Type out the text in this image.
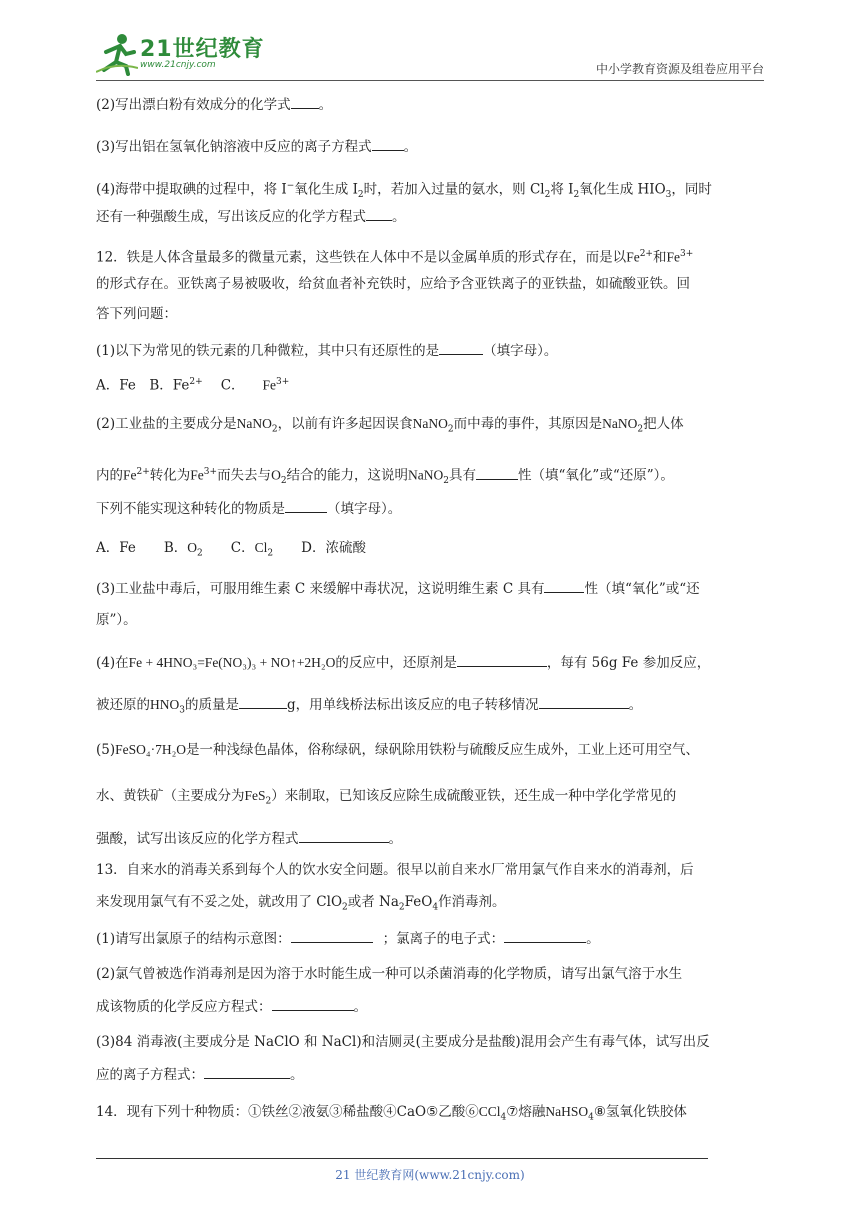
21世纪教育
www.21cnjy.com	中小学教育资源及组卷应用平台
(2)写出漂白粉有效成分的化学式 。
(3)写出铝在氢氧化钠溶液中反应的离子方程式 。
(4)海带中提取碘的过程中，将 I−氧化生成 $I_2$时，若加入过量的氨水，则 $Cl_2$将 $I_2$氧化生成 $HIO_3$，同时
还有一种强酸生成，写出该反应的化学方程式 。
12．铁是人体含量最多的微量元素，这些铁在人体中不是以金属单质的形式存在，而是以$Fe^{2+}$和$Fe^{3+}$
的形式存在。亚铁离子易被吸收，给贫血者补充铁时，应给予含亚铁离子的亚铁盐，如硫酸亚铁。回
答下列问题：
(1)以下为常见的铁元素的几种微粒，其中只有还原性的是	（填字母）。
A．Fe　B．$Fe^{2+}$ C． $Fe^{3+}$
(2)工业盐的主要成分是NaNO$_2$，以前有许多起因误食NaNO$_2$而中毒的事件，其原因是NaNO$_2$把人体
内的$Fe^{2+}$转化为$Fe^{3+}$而失去与$O_2$结合的能力，这说明NaNO$_2$具有	性（填“氧化”或“还原”）。
下列不能实现这种转化的物质是	（填字母）。
A．Fe B．$O_2$ C．$Cl_2$ D．浓硫酸
(3)工业盐中毒后，可服用维生素 C 来缓解中毒状况，这说明维生素 C 具有	性（填“氧化”或“还
原”）。
(4)在Fe + 4HNO₃=Fe(NO₃)₃ + NO↑+2H₂O的反应中，还原剂是	，每有 56g Fe 参加反应，
被还原的$HNO_3$的质量是	g，用单线桥法标出该反应的电子转移情况	。
(5)FeSO₄·7H₂O是一种浅绿色晶体，俗称绿矾，绿矾除用铁粉与硫酸反应生成外，工业上还可用空气、
水、黄铁矿（主要成分为FeS$_2$）来制取，已知该反应除生成硫酸亚铁，还生成一种中学化学常见的
强酸，试写出该反应的化学方程式	。
13．自来水的消毒关系到每个人的饮水安全问题。很早以前自来水厂常用氯气作自来水的消毒剂，后
来发现用氯气有不妥之处，就改用了 ClO$_2$或者 $Na_2FeO_4$作消毒剂。
(1)请写出氯原子的结构示意图：	；氯离子的电子式：	。
(2)氯气曾被选作消毒剂是因为溶于水时能生成一种可以杀菌消毒的化学物质，请写出氯气溶于水生
成该物质的化学反应方程式：	。
(3)84 消毒液(主要成分是 NaClO 和 NaCl)和洁厕灵(主要成分是盐酸)混用会产生有毒气体，试写出反
应的离子方程式：	。
14．现有下列十种物质：①铁丝②液氨③稀盐酸④CaO⑤乙酸⑥CCl$_4$⑦熔融NaHSO$_4$⑧氢氧化铁胶体
21 世纪教育网(www.21cnjy.com)
